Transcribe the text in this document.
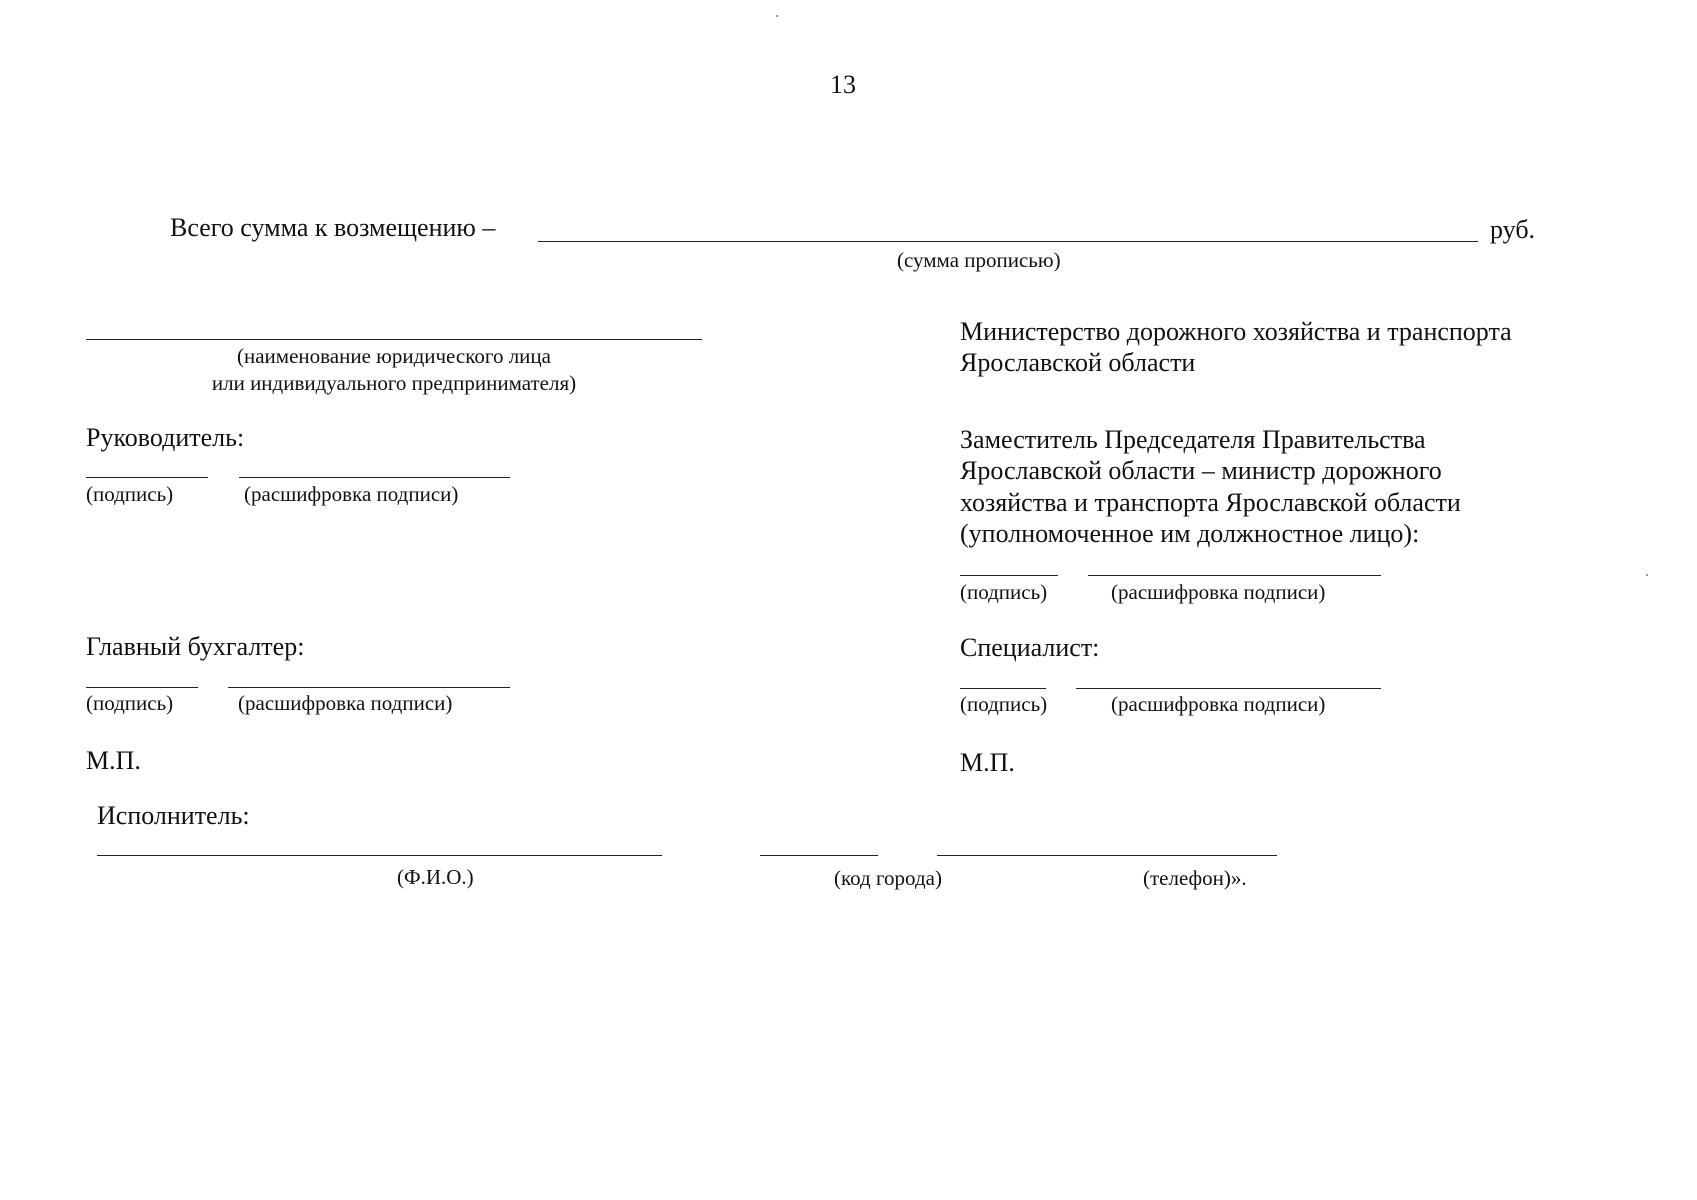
13
Всего сумма к возмещению –	руб.
(сумма прописью)
(наименование юридического лица
или индивидуального предпринимателя)
Руководитель:
(подпись)	(расшифровка подписи)
Главный бухгалтер:
(подпись)	(расшифровка подписи)
М.П.
Министерство дорожного хозяйства и транспорта
Ярославской области
Заместитель Председателя Правительства
Ярославской области – министр дорожного
хозяйства и транспорта Ярославской области
(уполномоченное им должностное лицо):
(подпись)	(расшифровка подписи)
Специалист:
(подпись)	(расшифровка подписи)
М.П.
Исполнитель:
(Ф.И.О.)	(код города)	(телефон)».
